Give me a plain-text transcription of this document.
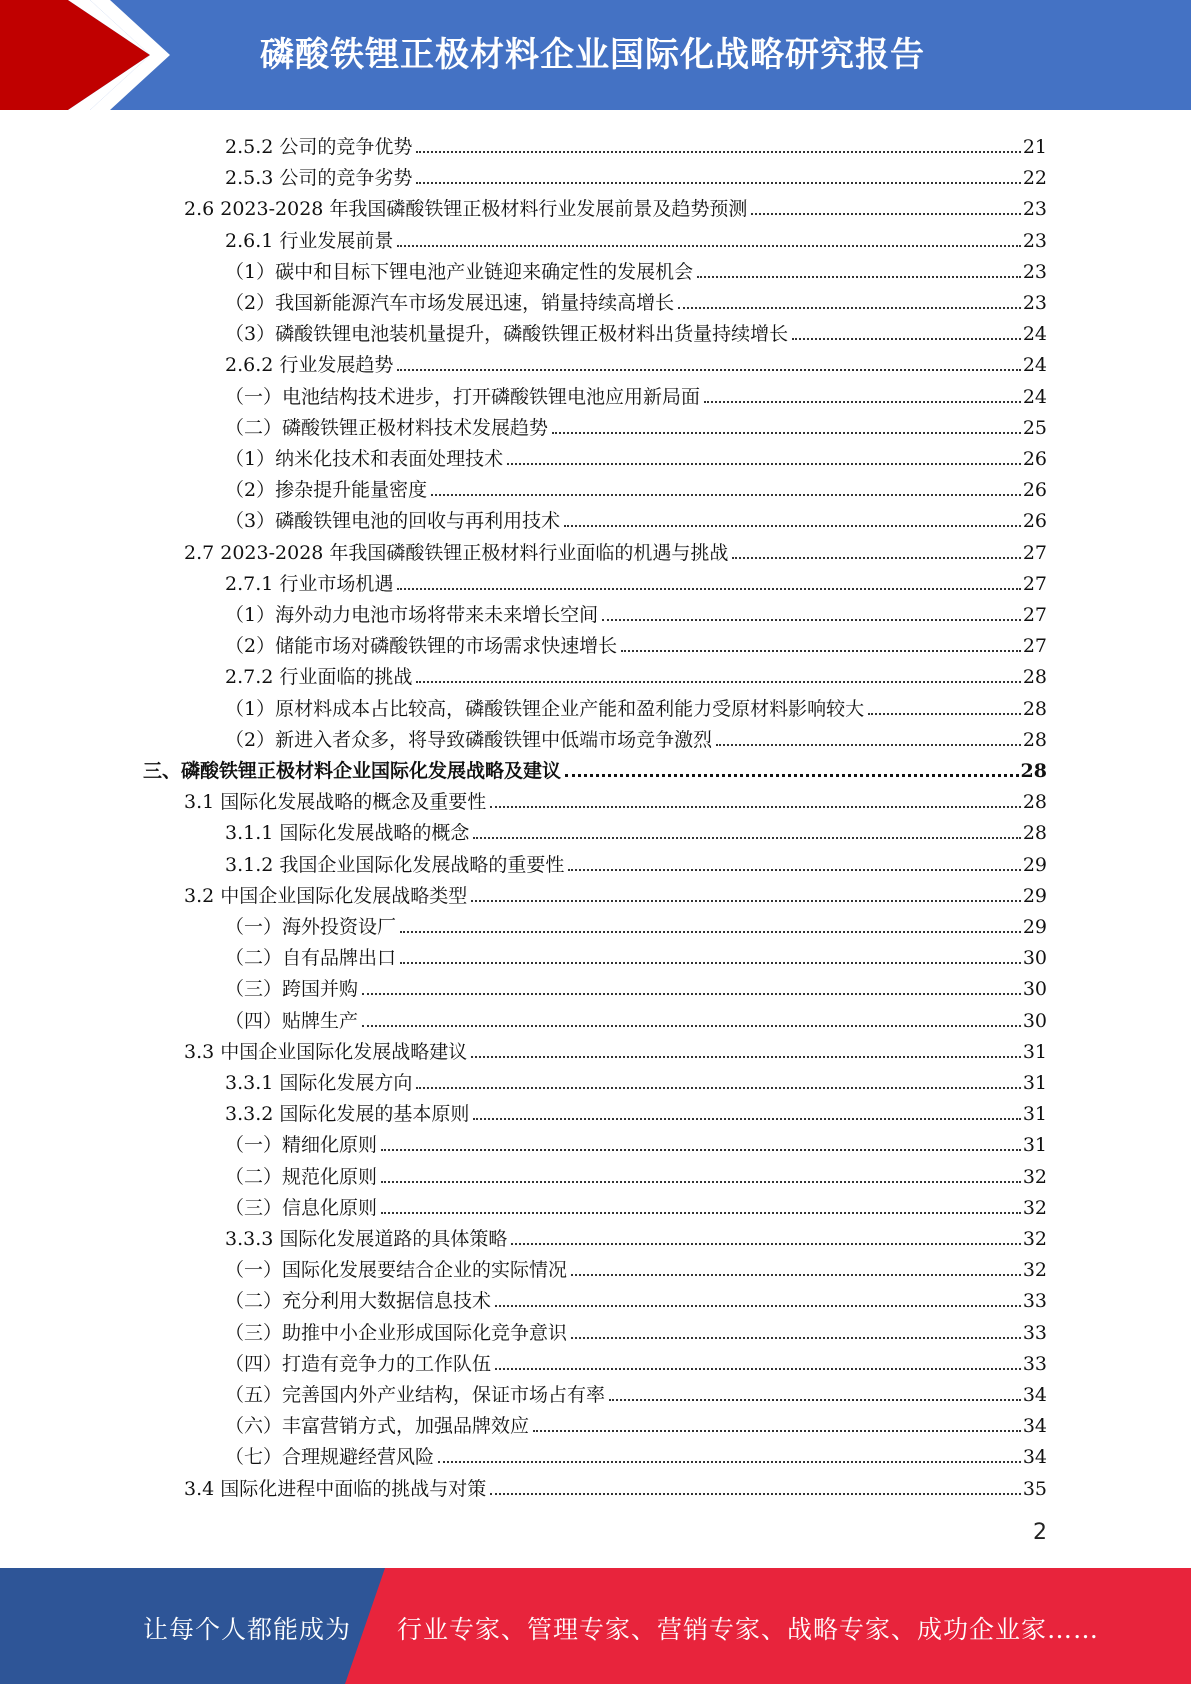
磷酸铁锂正极材料企业国际化战略研究报告
2.5.2 公司的竞争优势	21
2.5.3 公司的竞争劣势	22
2.6 2023-2028 年我国磷酸铁锂正极材料行业发展前景及趋势预测	23
2.6.1 行业发展前景	23
（1）碳中和目标下锂电池产业链迎来确定性的发展机会	23
（2）我国新能源汽车市场发展迅速，销量持续高增长	23
（3）磷酸铁锂电池装机量提升，磷酸铁锂正极材料出货量持续增长	24
2.6.2 行业发展趋势	24
（一）电池结构技术进步，打开磷酸铁锂电池应用新局面	24
（二）磷酸铁锂正极材料技术发展趋势	25
（1）纳米化技术和表面处理技术	26
（2）掺杂提升能量密度	26
（3）磷酸铁锂电池的回收与再利用技术	26
2.7 2023-2028 年我国磷酸铁锂正极材料行业面临的机遇与挑战	27
2.7.1 行业市场机遇	27
（1）海外动力电池市场将带来未来增长空间	27
（2）储能市场对磷酸铁锂的市场需求快速增长	27
2.7.2 行业面临的挑战	28
（1）原材料成本占比较高，磷酸铁锂企业产能和盈利能力受原材料影响较大	28
（2）新进入者众多，将导致磷酸铁锂中低端市场竞争激烈	28
三、磷酸铁锂正极材料企业国际化发展战略及建议	28
3.1 国际化发展战略的概念及重要性	28
3.1.1 国际化发展战略的概念	28
3.1.2 我国企业国际化发展战略的重要性	29
3.2 中国企业国际化发展战略类型	29
（一）海外投资设厂	29
（二）自有品牌出口	30
（三）跨国并购	30
（四）贴牌生产	30
3.3 中国企业国际化发展战略建议	31
3.3.1 国际化发展方向	31
3.3.2 国际化发展的基本原则	31
（一）精细化原则	31
（二）规范化原则	32
（三）信息化原则	32
3.3.3 国际化发展道路的具体策略	32
（一）国际化发展要结合企业的实际情况	32
（二）充分利用大数据信息技术	33
（三）助推中小企业形成国际化竞争意识	33
（四）打造有竞争力的工作队伍	33
（五）完善国内外产业结构，保证市场占有率	34
（六）丰富营销方式，加强品牌效应	34
（七）合理规避经营风险	34
3.4 国际化进程中面临的挑战与对策	35
2
让每个人都能成为 行业专家、管理专家、营销专家、战略专家、成功企业家……
